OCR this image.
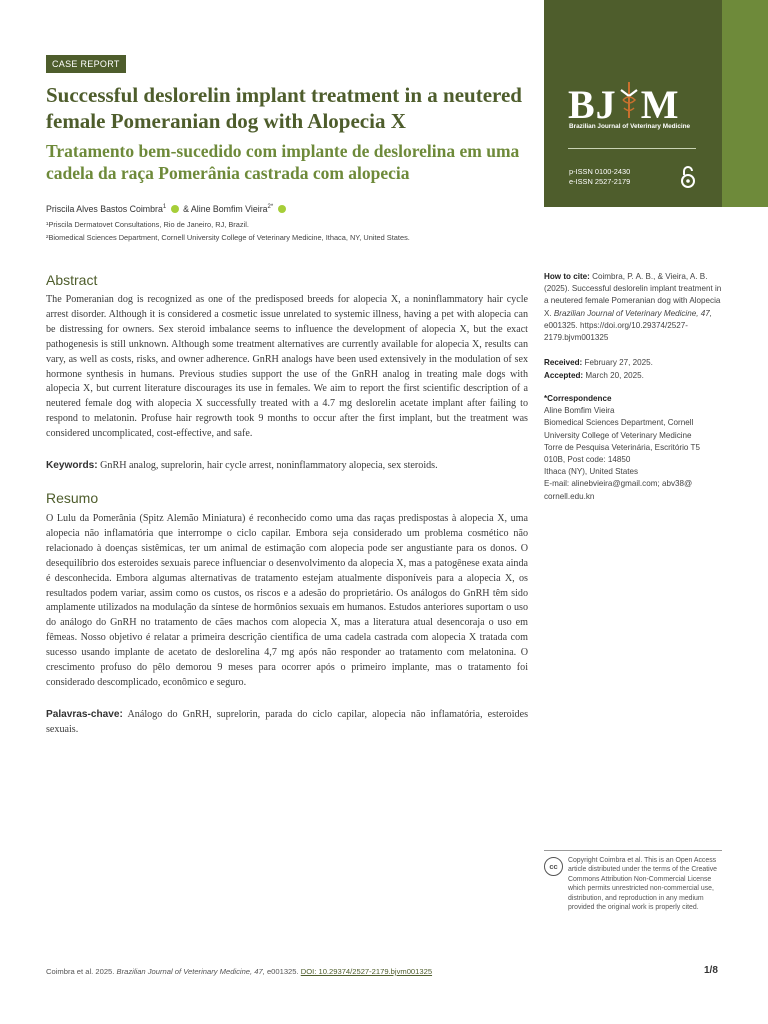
BJ M
Brazilian Journal of Veterinary Medicine
p-ISSN 0100-2430
e-ISSN 2527-2179
CASE REPORT
Successful deslorelin implant treatment in a neutered female Pomeranian dog with Alopecia X
Tratamento bem-sucedido com implante de deslorelina em uma cadela da raça Pomerânia castrada com alopecia
Priscila Alves Bastos Coimbra$^1$ & Aline Bomfim Vieira$^{2*}$
¹Priscila Dermatovet Consultations, Rio de Janeiro, RJ, Brazil.
²Biomedical Sciences Department, Cornell University College of Veterinary Medicine, Ithaca, NY, United States.
Abstract

The Pomeranian dog is recognized as one of the predisposed breeds for alopecia X, a noninflammatory hair cycle arrest disorder. Although it is considered a cosmetic issue unrelated to systemic illness, having a pet with alopecia can be distressing for owners. Sex steroid imbalance seems to influence the development of alopecia X, but the exact pathogenesis is still unknown. Although some treatment alternatives are currently available for alopecia X, results can vary, as well as costs, risks, and owner adherence. GnRH analogs have been used extensively in the modulation of sex hormone synthesis in humans. Previous studies support the use of the GnRH analog in treating male dogs with alopecia X, but current literature discourages its use in females. We aim to report the first scientific description of a neutered female dog with alopecia X successfully treated with a 4.7 mg deslorelin acetate implant after failing to respond to melatonin. Profuse hair regrowth took 9 months to occur after the first implant, but the treatment was considered uncomplicated, cost-effective, and safe.

Keywords: GnRH analog, suprelorin, hair cycle arrest, noninflammatory alopecia, sex steroids.

Resumo

O Lulu da Pomerânia (Spitz Alemão Miniatura) é reconhecido como uma das raças predispostas à alopecia X, uma alopecia não inflamatória que interrompe o ciclo capilar. Embora seja considerado um problema cosmético não relacionado à doenças sistêmicas, ter um animal de estimação com alopecia pode ser angustiante para os donos. O desequilíbrio dos esteroides sexuais parece influenciar o desenvolvimento da alopecia X, mas a patogênese exata ainda é desconhecida. Embora algumas alternativas de tratamento estejam atualmente disponíveis para a alopecia X, os resultados podem variar, assim como os custos, os riscos e a adesão do proprietário. Os análogos do GnRH têm sido amplamente utilizados na modulação da síntese de hormônios sexuais em humanos. Estudos anteriores suportam o uso do análogo do GnRH no tratamento de cães machos com alopecia X, mas a literatura atual desencoraja o uso em fêmeas. Nosso objetivo é relatar a primeira descrição científica de uma cadela castrada com alopecia X tratada com sucesso usando implante de acetato de deslorelina 4,7 mg após não responder ao tratamento com melatonina. O crescimento profuso do pêlo demorou 9 meses para ocorrer após o primeiro implante, mas o tratamento foi considerado descomplicado, econômico e seguro.

Palavras-chave: Análogo do GnRH, suprelorin, parada do ciclo capilar, alopecia não inflamatória, esteroides sexuais.

How to cite: Coimbra, P. A. B., & Vieira, A. B. (2025). Successful deslorelin implant treatment in a neutered female Pomeranian dog with Alopecia X. Brazilian Journal of Veterinary Medicine, 47, e001325. https://doi.org/10.29374/2527-2179.bjvm001325
Received: February 27, 2025.
Accepted: March 20, 2025.
*Correspondence
Aline Bomfim Vieira
Biomedical Sciences Department, Cornell
University College of Veterinary Medicine
Torre de Pesquisa Veterinária, Escritório T5
010B, Post code: 14850
Ithaca (NY), United States
E-mail: alinebvieira@gmail.com; abv38@
cornell.edu.kn
cc
Copyright Coimbra et al. This is an Open Access article distributed under the terms of the Creative Commons Attribution Non-Commercial License which permits unrestricted non-commercial use, distribution, and reproduction in any medium provided the original work is properly cited.
Coimbra et al. 2025. Brazilian Journal of Veterinary Medicine, 47, e001325. DOI: 10.29374/2527-2179.bjvm001325	1/8
